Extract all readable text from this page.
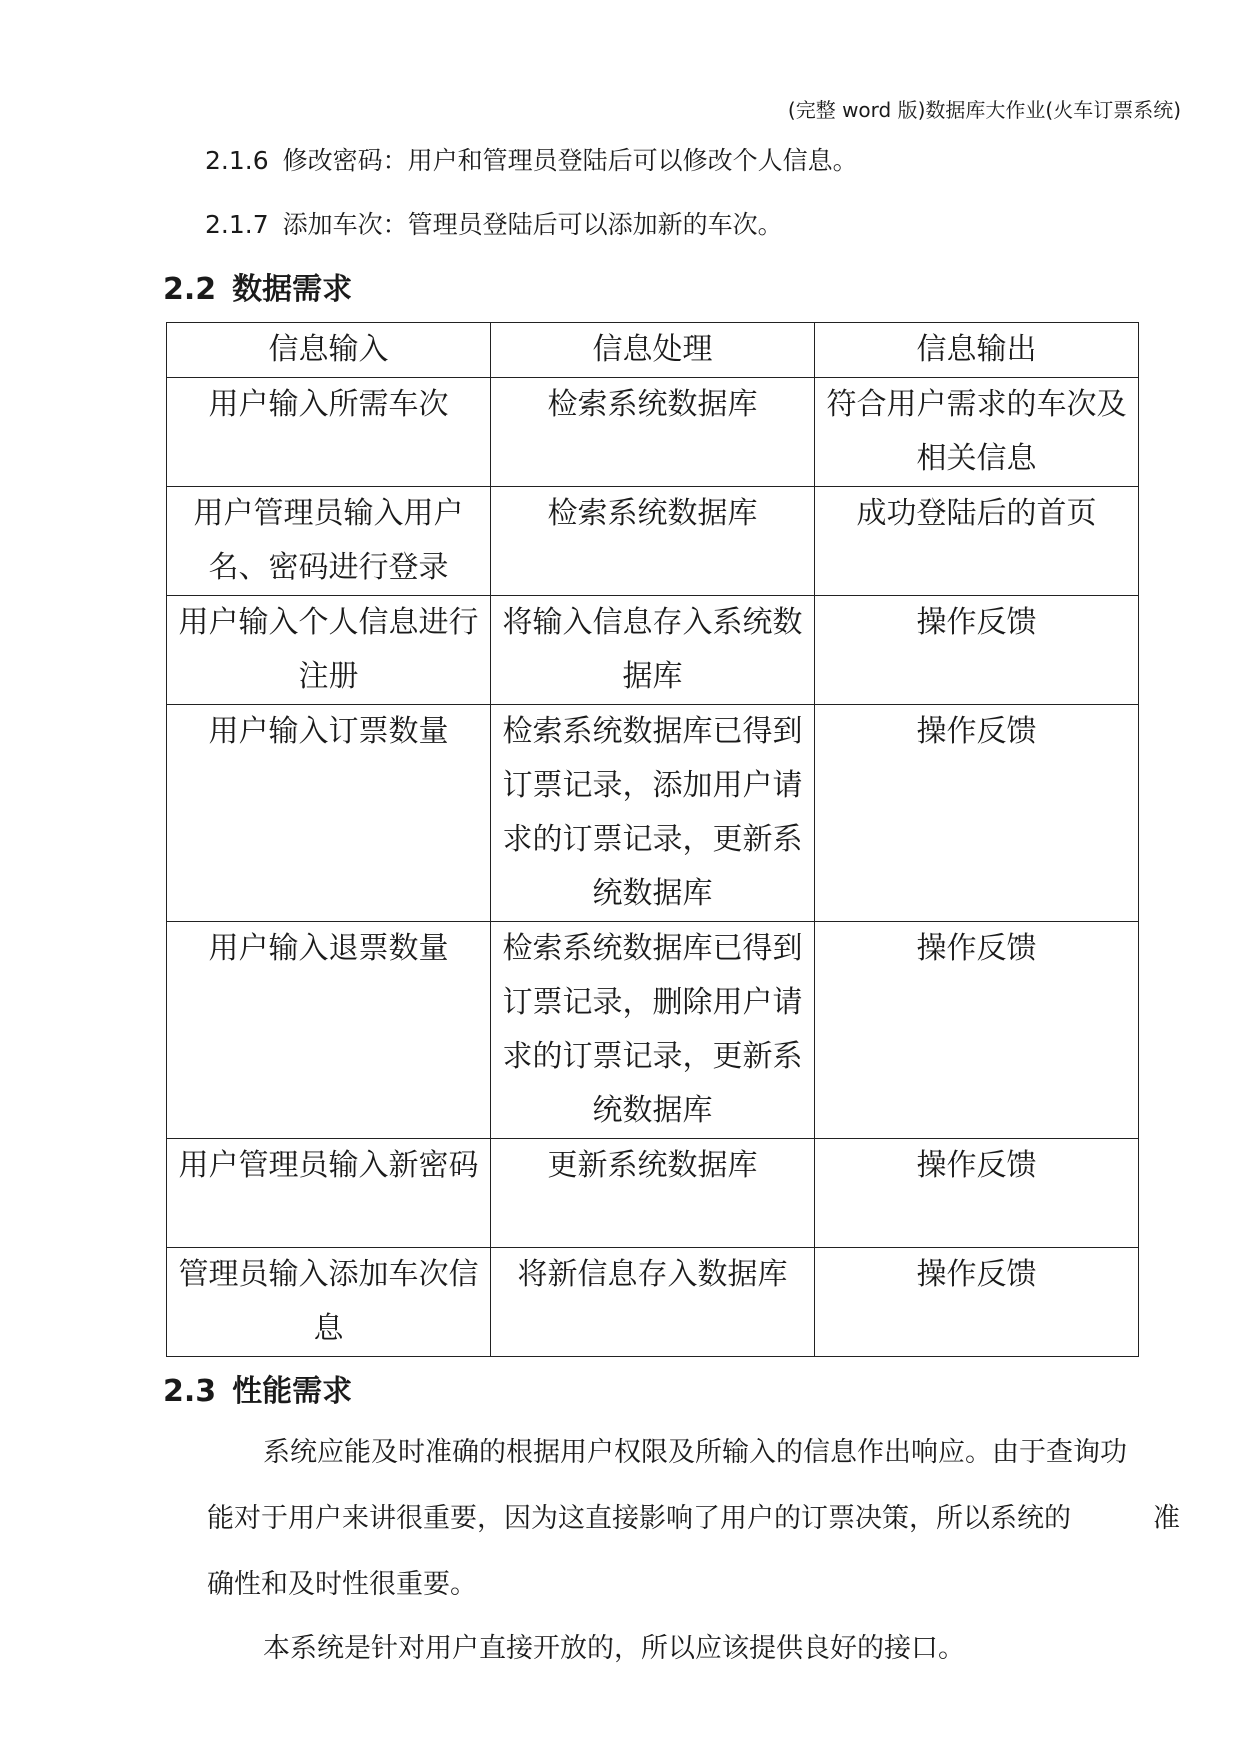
(完整 word 版)数据库大作业(火车订票系统)
2.1.6 修改密码：用户和管理员登陆后可以修改个人信息。
2.1.7 添加车次：管理员登陆后可以添加新的车次。
2.2 数据需求
信息输入	信息处理	信息输出
用户输入所需车次	检索系统数据库	符合用户需求的车次及相关信息
用户管理员输入用户名、密码进行登录	检索系统数据库	成功登陆后的首页
用户输入个人信息进行注册	将输入信息存入系统数据库	操作反馈
用户输入订票数量	检索系统数据库已得到订票记录，添加用户请求的订票记录，更新系统数据库	操作反馈
用户输入退票数量	检索系统数据库已得到订票记录，删除用户请求的订票记录，更新系统数据库	操作反馈
用户管理员输入新密码	更新系统数据库	操作反馈
管理员输入添加车次信息	将新信息存入数据库	操作反馈
2.3 性能需求
系统应能及时准确的根据用户权限及所输入的信息作出响应。由于查询功
能对于用户来讲很重要，因为这直接影响了用户的订票决策，所以系统的	准
确性和及时性很重要。
本系统是针对用户直接开放的，所以应该提供良好的接口。
